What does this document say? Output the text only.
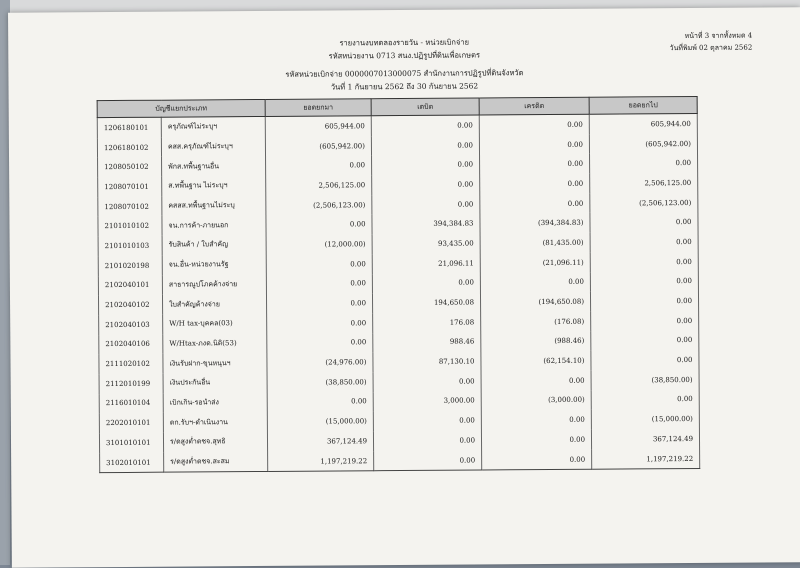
รายงานงบทดลองรายวัน - หน่วยเบิกจ่าย
รหัสหน่วยงาน 0713 สนง.ปฏิรูปที่ดินเพื่อเกษตร
รหัสหน่วยเบิกจ่าย 0000007013000075 สำนักงานการปฏิรูปที่ดินจังหวัด
วันที่ 1 กันยายน 2562 ถึง 30 กันยายน 2562
หน้าที่ 3 จากทั้งหมด 4
วันที่พิมพ์ 02 ตุลาคม 2562
บัญชีแยกประเภท		ยอดยกมา	เดบิต	เครดิต	ยอดยกไป
1206180101	ครุภัณฑ์ไม่ระบุฯ	605,944.00	0.00	0.00	605,944.00
1206180102	คสส.ครุภัณฑ์ไม่ระบุฯ	(605,942.00)	0.00	0.00	(605,942.00)
1208050102	พักส.ทพื้นฐานอื่น	0.00	0.00	0.00	0.00
1208070101	ส.ทพื้นฐาน ไม่ระบุฯ	2,506,125.00	0.00	0.00	2,506,125.00
1208070102	คสสส.ทพื้นฐานไม่ระบุ	(2,506,123.00)	0.00	0.00	(2,506,123.00)
2101010102	จน.การค้า-ภายนอก	0.00	394,384.83	(394,384.83)	0.00
2101010103	รับสินค้า / ใบสำคัญ	(12,000.00)	93,435.00	(81,435.00)	0.00
2101020198	จน.อื่น-หน่วยงานรัฐ	0.00	21,096.11	(21,096.11)	0.00
2102040101	สาธารณูปโภคค้างจ่าย	0.00	0.00	0.00	0.00
2102040102	ใบสำคัญค้างจ่าย	0.00	194,650.08	(194,650.08)	0.00
2102040103	W/H tax-บุคคล(03)	0.00	176.08	(176.08)	0.00
2102040106	W/Htax-ภงด.นิติ(53)	0.00	988.46	(988.46)	0.00
2111020102	เงินรับฝาก-ขุนหนุนฯ	(24,976.00)	87,130.10	(62,154.10)	0.00
2112010199	เงินประกันอื่น	(38,850.00)	0.00	0.00	(38,850.00)
2116010104	เบิกเกิน-รอนำส่ง	0.00	3,000.00	(3,000.00)	0.00
2202010101	ดก.รับฯ-ดำเนินงาน	(15,000.00)	0.00	0.00	(15,000.00)
3101010101	ร/ดสูงต่ำดชจ.สุทธิ	367,124.49	0.00	0.00	367,124.49
3102010101	ร/ดสูงต่ำดชจ.สะสม	1,197,219.22	0.00	0.00	1,197,219.22
